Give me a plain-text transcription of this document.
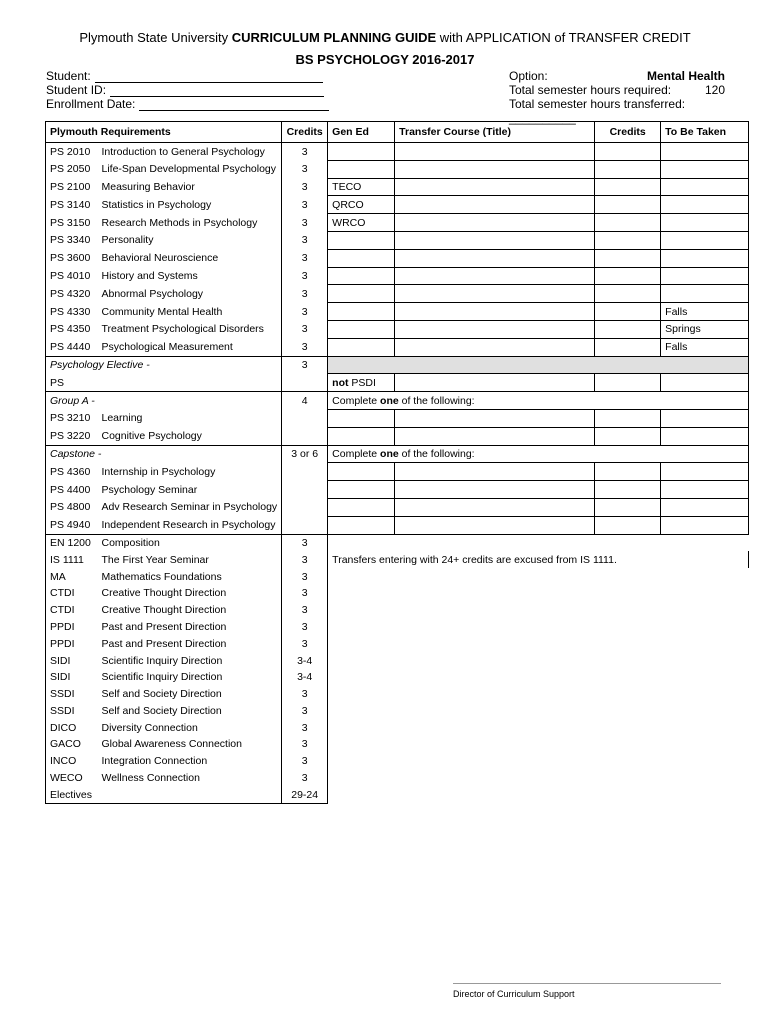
Plymouth State University CURRICULUM PLANNING GUIDE with APPLICATION of TRANSFER CREDIT
BS PSYCHOLOGY 2016-2017
Student:
Student ID:
Enrollment Date:
Option:	Mental Health
Total semester hours required:	120
Total semester hours transferred: __________
Plymouth Requirements		Credits	Gen Ed	Transfer Course (Title)	Credits	To Be Taken
PS 2010	Introduction to General Psychology	3				
PS 2050	Life-Span Developmental Psychology	3				
PS 2100	Measuring Behavior	3	TECO			
PS 3140	Statistics in Psychology	3	QRCO			
PS 3150	Research Methods in Psychology	3	WRCO			
PS 3340	Personality	3				
PS 3600	Behavioral Neuroscience	3				
PS 4010	History and Systems	3				
PS 4320	Abnormal Psychology	3				
PS 4330	Community Mental Health	3				Falls
PS 4350	Treatment Psychological Disorders	3				Springs
PS 4440	Psychological Measurement	3				Falls
Psychology Elective -		3				
PS			not PSDI			
Group A -		4	Complete one of the following:			
PS 3210	Learning					
PS 3220	Cognitive Psychology					
Capstone -		3 or 6	Complete one of the following:			
PS 4360	Internship in Psychology					
PS 4400	Psychology Seminar					
PS 4800	Adv Research Seminar in Psychology					
PS 4940	Independent Research in Psychology					
EN 1200	Composition	3				
IS 1111	The First Year Seminar	3	Transfers entering with 24+ credits are excused from IS 1111.			
MA	Mathematics Foundations	3				
CTDI	Creative Thought Direction	3				
CTDI	Creative Thought Direction	3				
PPDI	Past and Present Direction	3				
PPDI	Past and Present Direction	3				
SIDI	Scientific Inquiry Direction	3-4				
SIDI	Scientific Inquiry Direction	3-4				
SSDI	Self and Society Direction	3				
SSDI	Self and Society Direction	3				
DICO	Diversity Connection	3				
GACO	Global Awareness Connection	3				
INCO	Integration Connection	3				
WECO	Wellness Connection	3				
Electives		29-24				
Director of Curriculum Support
